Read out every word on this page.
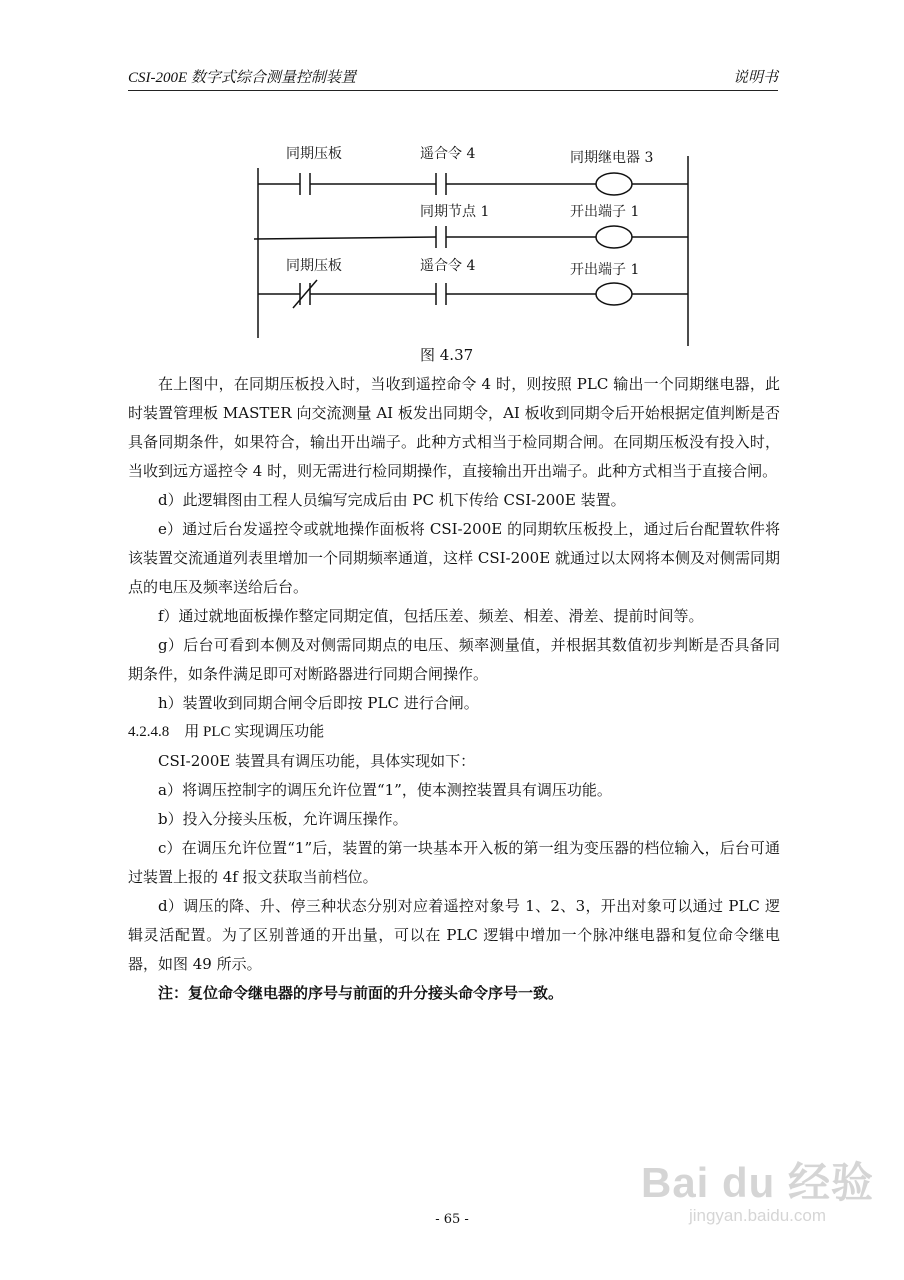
CSI-200E 数字式综合测量控制装置	说明书
同期压板	遥合令 4	同期继电器 3
同期节点 1	开出端子 1
同期压板	遥合令 4	开出端子 1
图 4.37

在上图中，在同期压板投入时，当收到遥控命令 4 时，则按照 PLC 输出一个同期继电器，此时装置管理板 MASTER 向交流测量 AI 板发出同期令，AI 板收到同期令后开始根据定值判断是否具备同期条件，如果符合，输出开出端子。此种方式相当于检同期合闸。在同期压板没有投入时，当收到远方遥控令 4 时，则无需进行检同期操作，直接输出开出端子。此种方式相当于直接合闸。

d）此逻辑图由工程人员编写完成后由 PC 机下传给 CSI-200E 装置。

e）通过后台发遥控令或就地操作面板将 CSI-200E 的同期软压板投上，通过后台配置软件将该装置交流通道列表里增加一个同期频率通道，这样 CSI-200E 就通过以太网将本侧及对侧需同期点的电压及频率送给后台。

f）通过就地面板操作整定同期定值，包括压差、频差、相差、滑差、提前时间等。

g）后台可看到本侧及对侧需同期点的电压、频率测量值，并根据其数值初步判断是否具备同期条件，如条件满足即可对断路器进行同期合闸操作。

h）装置收到同期合闸令后即按 PLC 进行合闸。

4.2.4.8　用 PLC 实现调压功能

CSI-200E 装置具有调压功能，具体实现如下：

a）将调压控制字的调压允许位置“1”，使本测控装置具有调压功能。

b）投入分接头压板，允许调压操作。

c）在调压允许位置“1”后，装置的第一块基本开入板的第一组为变压器的档位输入，后台可通过装置上报的 4f 报文获取当前档位。

d）调压的降、升、停三种状态分别对应着遥控对象号 1、2、3，开出对象可以通过 PLC 逻辑灵活配置。为了区别普通的开出量，可以在 PLC 逻辑中增加一个脉冲继电器和复位命令继电器，如图 49 所示。

注：复位命令继电器的序号与前面的升分接头命令序号一致。

Bai du 经验
jingyan.baidu.com
- 65 -
